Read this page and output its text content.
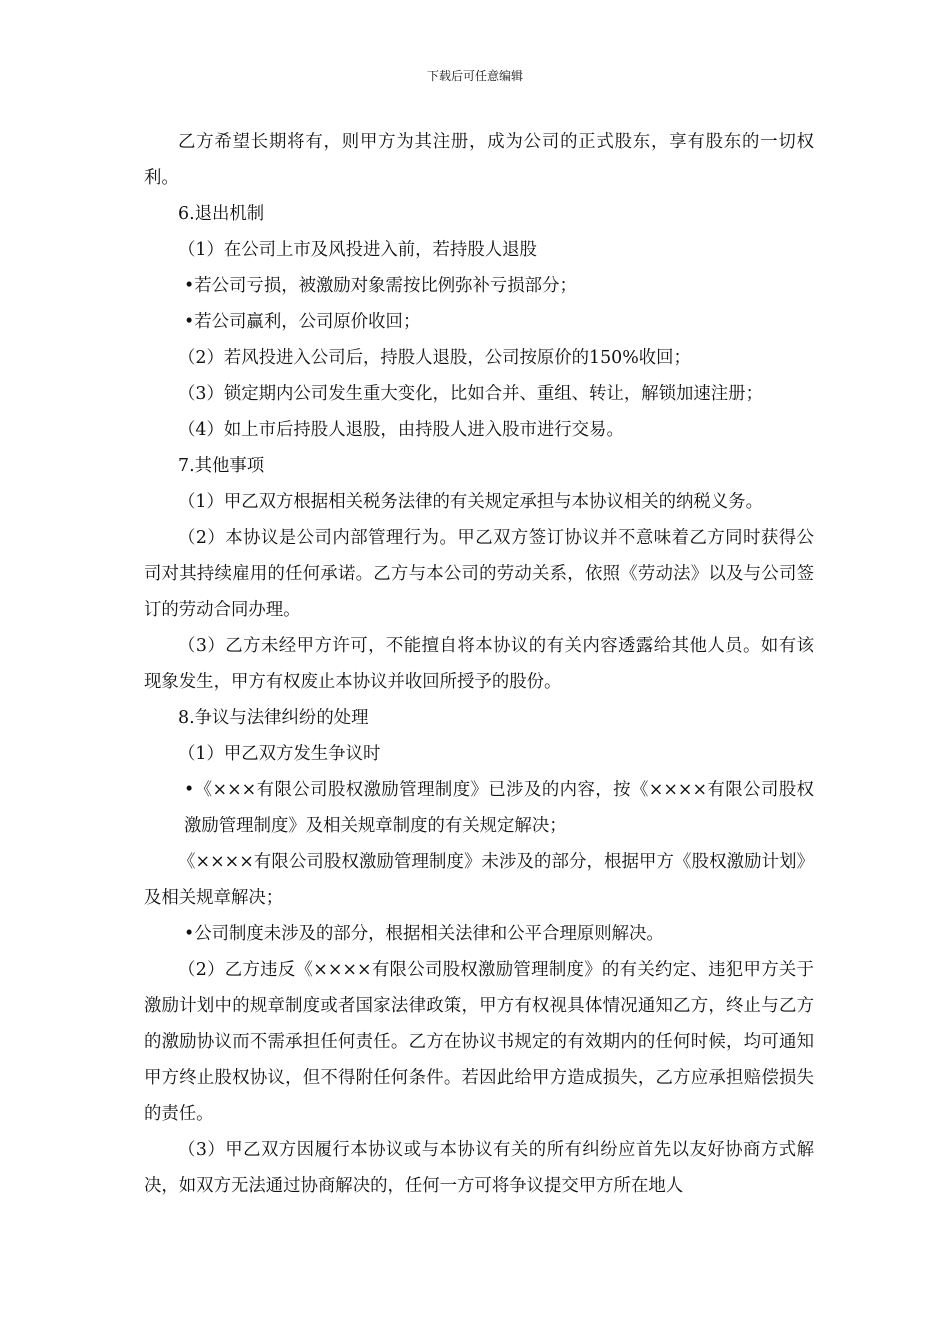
下载后可任意编辑

乙方希望长期将有，则甲方为其注册，成为公司的正式股东，享有股东的一切权利。

6.退出机制

（1）在公司上市及风投进入前，若持股人退股

•若公司亏损，被激励对象需按比例弥补亏损部分；

•若公司赢利，公司原价收回；

（2）若风投进入公司后，持股人退股，公司按原价的150%收回；

（3）锁定期内公司发生重大变化，比如合并、重组、转让，解锁加速注册；

（4）如上市后持股人退股，由持股人进入股市进行交易。

7.其他事项

（1）甲乙双方根据相关税务法律的有关规定承担与本协议相关的纳税义务。

（2）本协议是公司内部管理行为。甲乙双方签订协议并不意味着乙方同时获得公司对其持续雇用的任何承诺。乙方与本公司的劳动关系，依照《劳动法》以及与公司签订的劳动合同办理。

（3）乙方未经甲方许可，不能擅自将本协议的有关内容透露给其他人员。如有该现象发生，甲方有权废止本协议并收回所授予的股份。

8.争议与法律纠纷的处理

（1）甲乙双方发生争议时

•《×××有限公司股权激励管理制度》已涉及的内容，按《××××有限公司股权激励管理制度》及相关规章制度的有关规定解决；

《××××有限公司股权激励管理制度》未涉及的部分，根据甲方《股权激励计划》及相关规章解决；

•公司制度未涉及的部分，根据相关法律和公平合理原则解决。

（2）乙方违反《××××有限公司股权激励管理制度》的有关约定、违犯甲方关于激励计划中的规章制度或者国家法律政策，甲方有权视具体情况通知乙方，终止与乙方的激励协议而不需承担任何责任。乙方在协议书规定的有效期内的任何时候，均可通知甲方终止股权协议，但不得附任何条件。若因此给甲方造成损失，乙方应承担赔偿损失的责任。

（3）甲乙双方因履行本协议或与本协议有关的所有纠纷应首先以友好协商方式解决，如双方无法通过协商解决的，任何一方可将争议提交甲方所在地人
